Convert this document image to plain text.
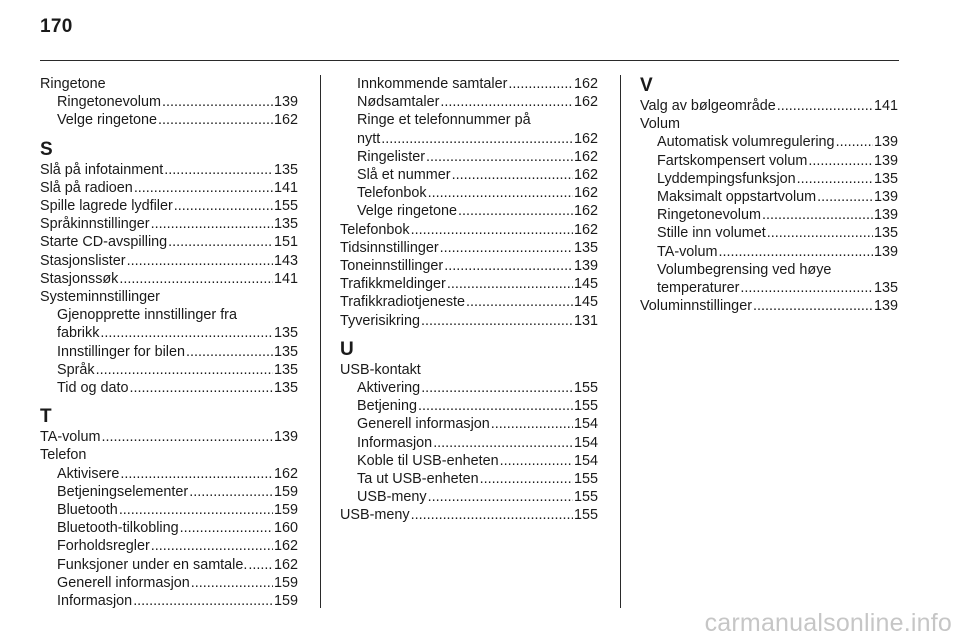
170
Ringetone
Ringetonevolum .....	139
Velge ringetone .....	162
S
Slå på infotainment .....	135
Slå på radioen .....	141
Spille lagrede lydfiler .....	155
Språkinnstillinger .....	135
Starte CD-avspilling .....	151
Stasjonslister .....	143
Stasjonssøk .....	141
Systeminnstillinger
Gjenopprette innstillinger fra
fabrikk .....	135
Innstillinger for bilen .....	135
Språk .....	135
Tid og dato .....	135
T
TA-volum .....	139
Telefon
Aktivisere .....	162
Betjeningselementer .....	159
Bluetooth .....	159
Bluetooth-tilkobling .....	160
Forholdsregler .....	162
Funksjoner under en samtale. ..... 162
Generell informasjon .....	159
Informasjon .....	159
Innkommende samtaler .....	162
Nødsamtaler .....	162
Ringe et telefonnummer på
nytt .....	162
Ringelister .....	162
Slå et nummer .....	162
Telefonbok .....	162
Velge ringetone .....	162
Telefonbok .....	162
Tidsinnstillinger .....	135
Toneinnstillinger .....	139
Trafikkmeldinger .....	145
Trafikkradiotjeneste .....	145
Tyverisikring .....	131
U
USB-kontakt
Aktivering .....	155
Betjening .....	155
Generell informasjon .....	154
Informasjon .....	154
Koble til USB-enheten .....	154
Ta ut USB-enheten .....	155
USB-meny .....	155
USB-meny .....	155
V
Valg av bølgeområde .....	141
Volum
Automatisk volumregulering .....	139
Fartskompensert volum .....	139
Lyddempingsfunksjon .....	135
Maksimalt oppstartvolum .....	139
Ringetonevolum .....	139
Stille inn volumet .....	135
TA-volum .....	139
Volumbegrensing ved høye
temperaturer .....	135
Voluminnstillinger .....	139
carmanualsonline.info
